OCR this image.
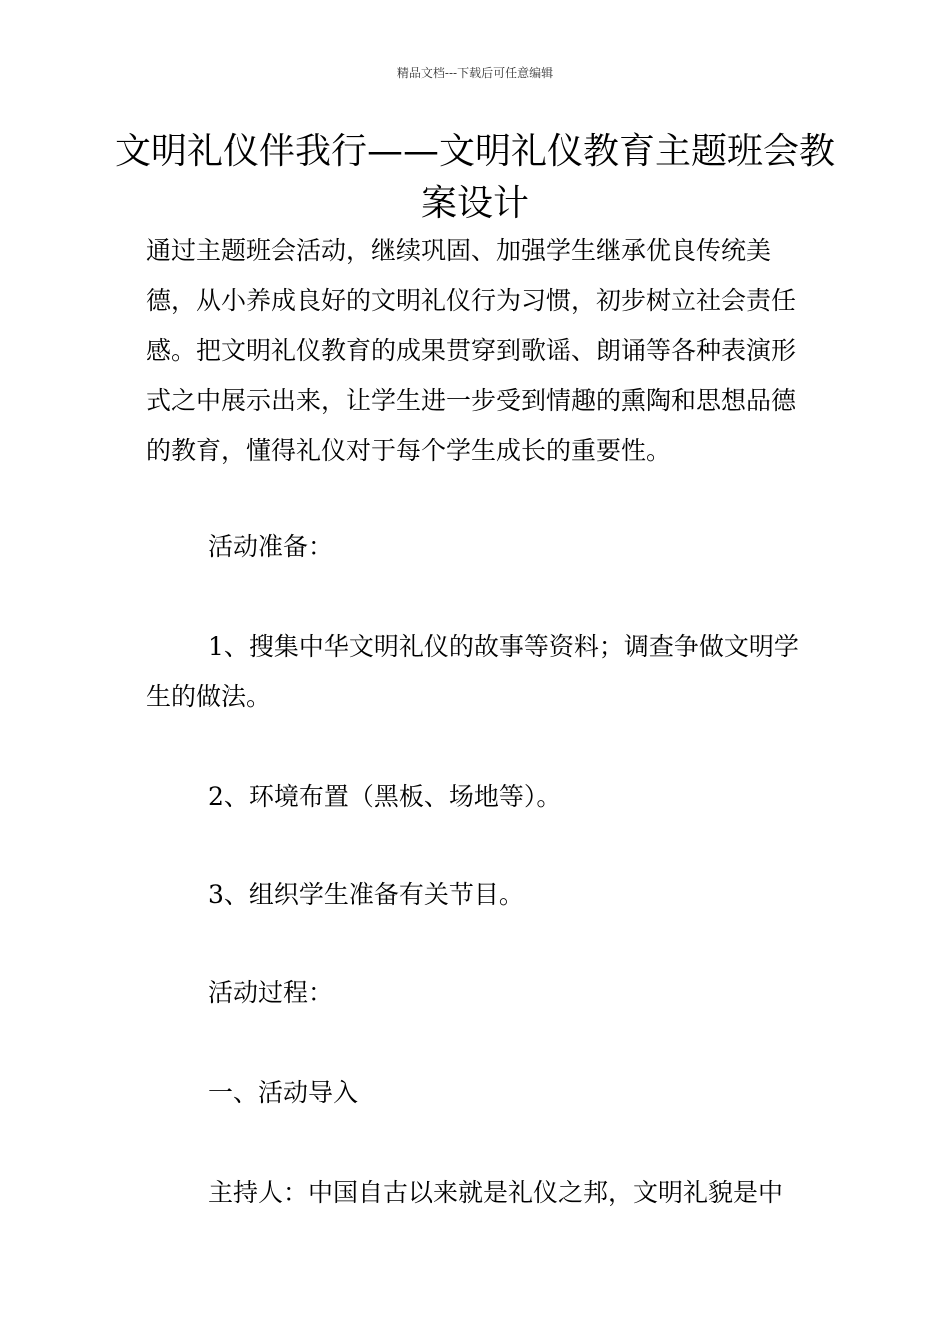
精品文档---下载后可任意编辑
文明礼仪伴我行——文明礼仪教育主题班会教案设计

通过主题班会活动，继续巩固、加强学生继承优良传统美德，从小养成良好的文明礼仪行为习惯，初步树立社会责任感。把文明礼仪教育的成果贯穿到歌谣、朗诵等各种表演形式之中展示出来，让学生进一步受到情趣的熏陶和思想品德的教育，懂得礼仪对于每个学生成长的重要性。

活动准备：

1、搜集中华文明礼仪的故事等资料；调查争做文明学生的做法。

2、环境布置（黑板、场地等）。

3、组织学生准备有关节目。

活动过程：

一、活动导入

主持人：中国自古以来就是礼仪之邦，文明礼貌是中
